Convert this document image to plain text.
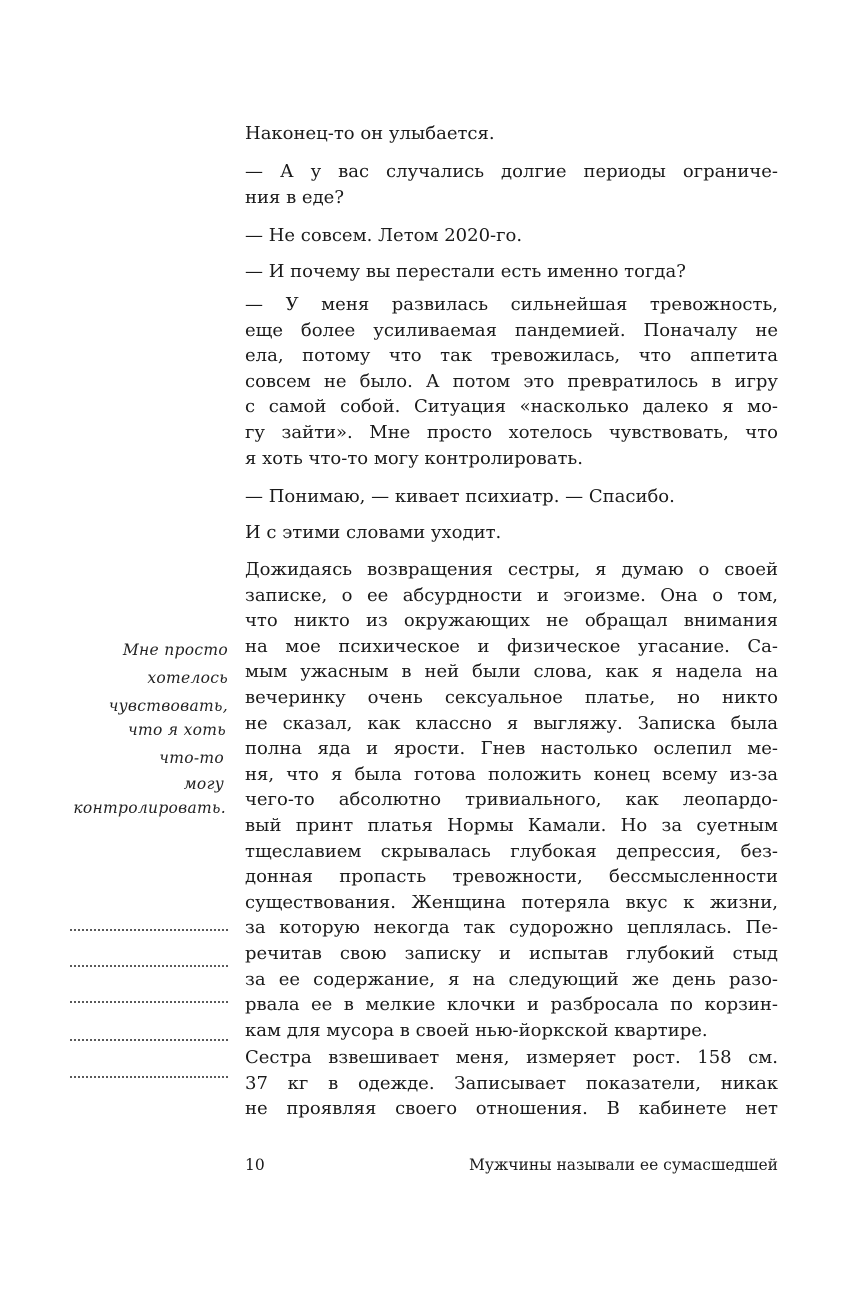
Наконец-то он улыбается.
— А у вас случались долгие периоды ограниче-
ния в еде?
— Не совсем. Летом 2020-го.
— И почему вы перестали есть именно тогда?
— У меня развилась сильнейшая тревожность,
еще более усиливаемая пандемией. Поначалу не
ела, потому что так тревожилась, что аппетита
совсем не было. А потом это превратилось в игру
с самой собой. Ситуация «насколько далеко я мо-
гу зайти». Мне просто хотелось чувствовать, что
я хоть что-то могу контролировать.
— Понимаю, — кивает психиатр. — Спасибо.
И с этими словами уходит.
Дожидаясь возвращения сестры, я думаю о своей
записке, о ее абсурдности и эгоизме. Она о том,
что никто из окружающих не обращал внимания
на мое психическое и физическое угасание. Са-
мым ужасным в ней были слова, как я надела на
вечеринку очень сексуальное платье, но никто
не сказал, как классно я выгляжу. Записка была
полна яда и ярости. Гнев настолько ослепил ме-
ня, что я была готова положить конец всему из-за
чего-то абсолютно тривиального, как леопардо-
вый принт платья Нормы Камали. Но за суетным
тщеславием скрывалась глубокая депрессия, без-
донная пропасть тревожности, бессмысленности
существования. Женщина потеряла вкус к жизни,
за которую некогда так судорожно цеплялась. Пе-
речитав свою записку и испытав глубокий стыд
за ее содержание, я на следующий же день разо-
рвала ее в мелкие клочки и разбросала по корзин-
кам для мусора в своей нью-йоркской квартире.
Сестра взвешивает меня, измеряет рост. 158 см.
37 кг в одежде. Записывает показатели, никак
не проявляя своего отношения. В кабинете нет
Мне просто
хотелось
чувствовать,
что я хоть
что-то
могу
контролировать.
10	Мужчины называли ее сумасшедшей
